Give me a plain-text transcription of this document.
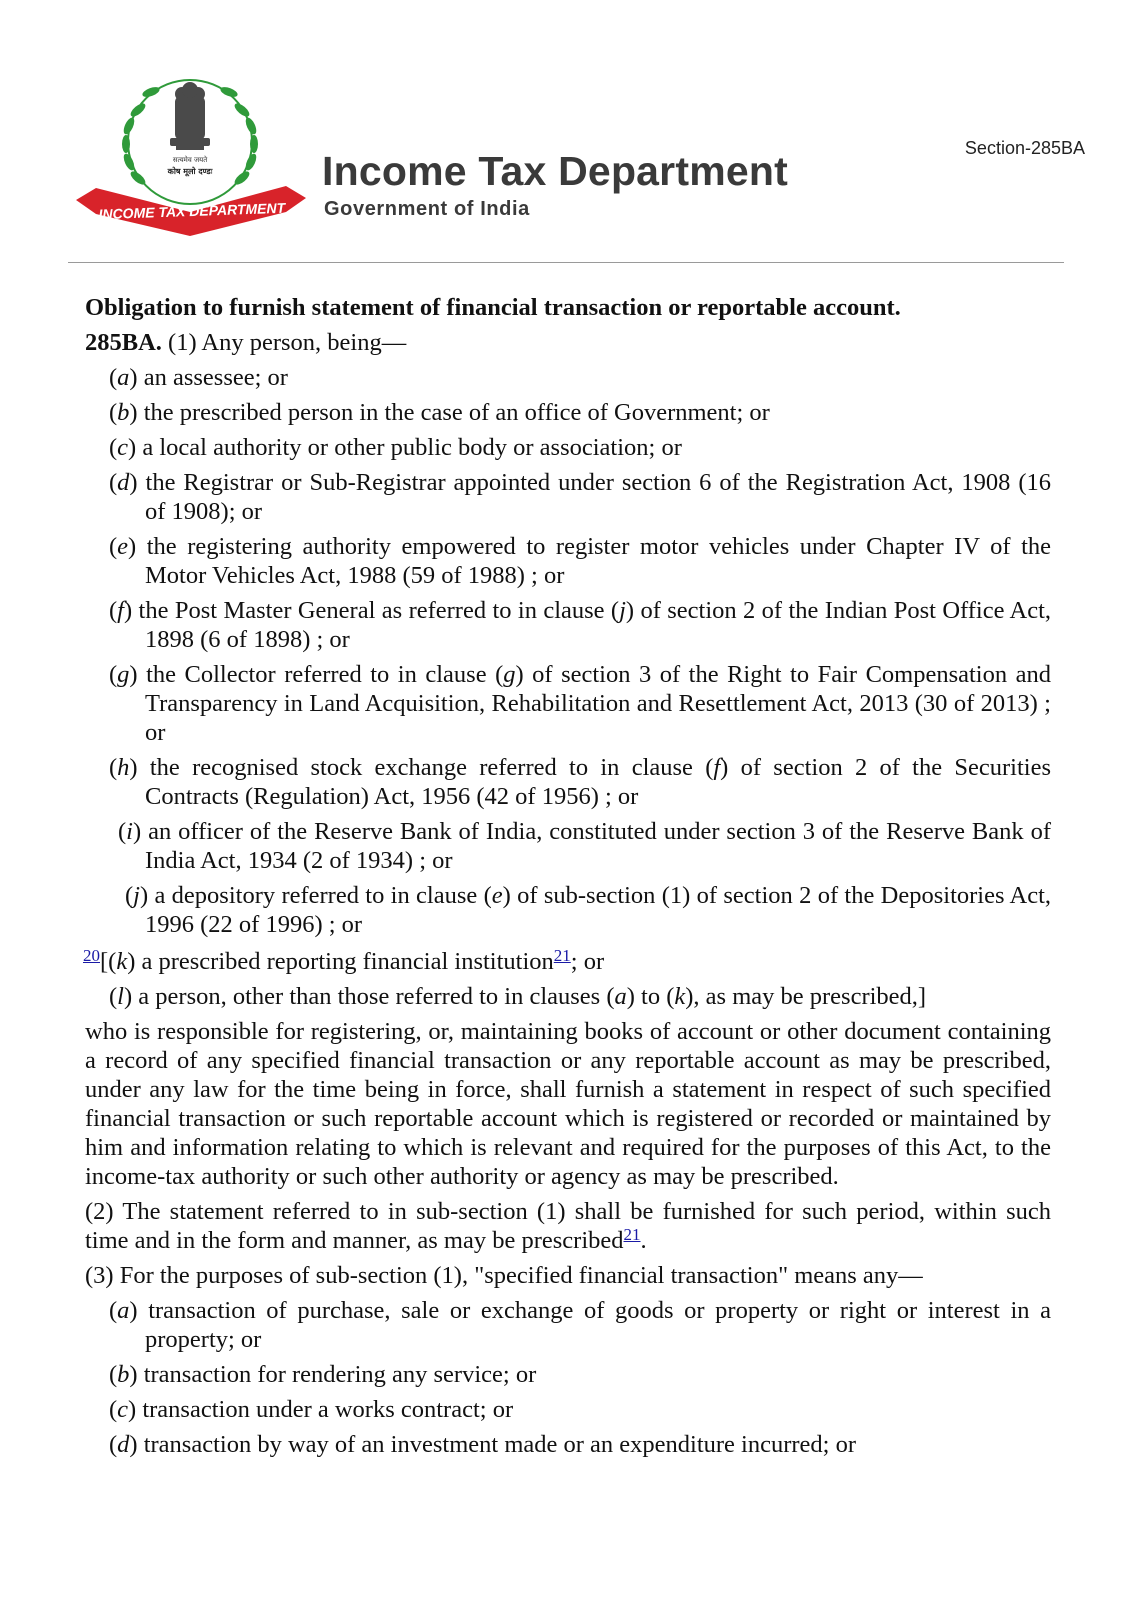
सत्यमेव जयते
कोष मूलो दण्डः
INCOME TAX DEPARTMENT
Income Tax Department
Government of India
Section-285BA

Obligation to furnish statement of financial transaction or reportable account.

285BA. (1) Any person, being—

(a) an assessee; or

(b) the prescribed person in the case of an office of Government; or

(c) a local authority or other public body or association; or

(d) the Registrar or Sub-Registrar appointed under section 6 of the Registration Act, 1908 (16 of 1908); or

(e) the registering authority empowered to register motor vehicles under Chapter IV of the Motor Vehicles Act, 1988 (59 of 1988) ; or

(f) the Post Master General as referred to in clause (j) of section 2 of the Indian Post Office Act, 1898 (6 of 1898) ; or

(g) the Collector referred to in clause (g) of section 3 of the Right to Fair Compensation and Transparency in Land Acquisition, Rehabilitation and Resettlement Act, 2013 (30 of 2013) ; or

(h) the recognised stock exchange referred to in clause (f) of section 2 of the Securities Contracts (Regulation) Act, 1956 (42 of 1956) ; or

(i) an officer of the Reserve Bank of India, constituted under section 3 of the Reserve Bank of India Act, 1934 (2 of 1934) ; or

(j) a depository referred to in clause (e) of sub-section (1) of section 2 of the Depositories Act, 1996 (22 of 1996) ; or

$^{20}$[(k) a prescribed reporting financial institution$^{21}$; or

(l) a person, other than those referred to in clauses (a) to (k), as may be prescribed,]

who is responsible for registering, or, maintaining books of account or other document containing a record of any specified financial transaction or any reportable account as may be prescribed, under any law for the time being in force, shall furnish a statement in respect of such specified financial transaction or such reportable account which is registered or recorded or maintained by him and information relating to which is relevant and required for the purposes of this Act, to the income-tax authority or such other authority or agency as may be prescribed.

(2) The statement referred to in sub-section (1) shall be furnished for such period, within such time and in the form and manner, as may be prescribed$^{21}$.

(3) For the purposes of sub-section (1), "specified financial transaction" means any—

(a) transaction of purchase, sale or exchange of goods or property or right or interest in a property; or

(b) transaction for rendering any service; or

(c) transaction under a works contract; or

(d) transaction by way of an investment made or an expenditure incurred; or
